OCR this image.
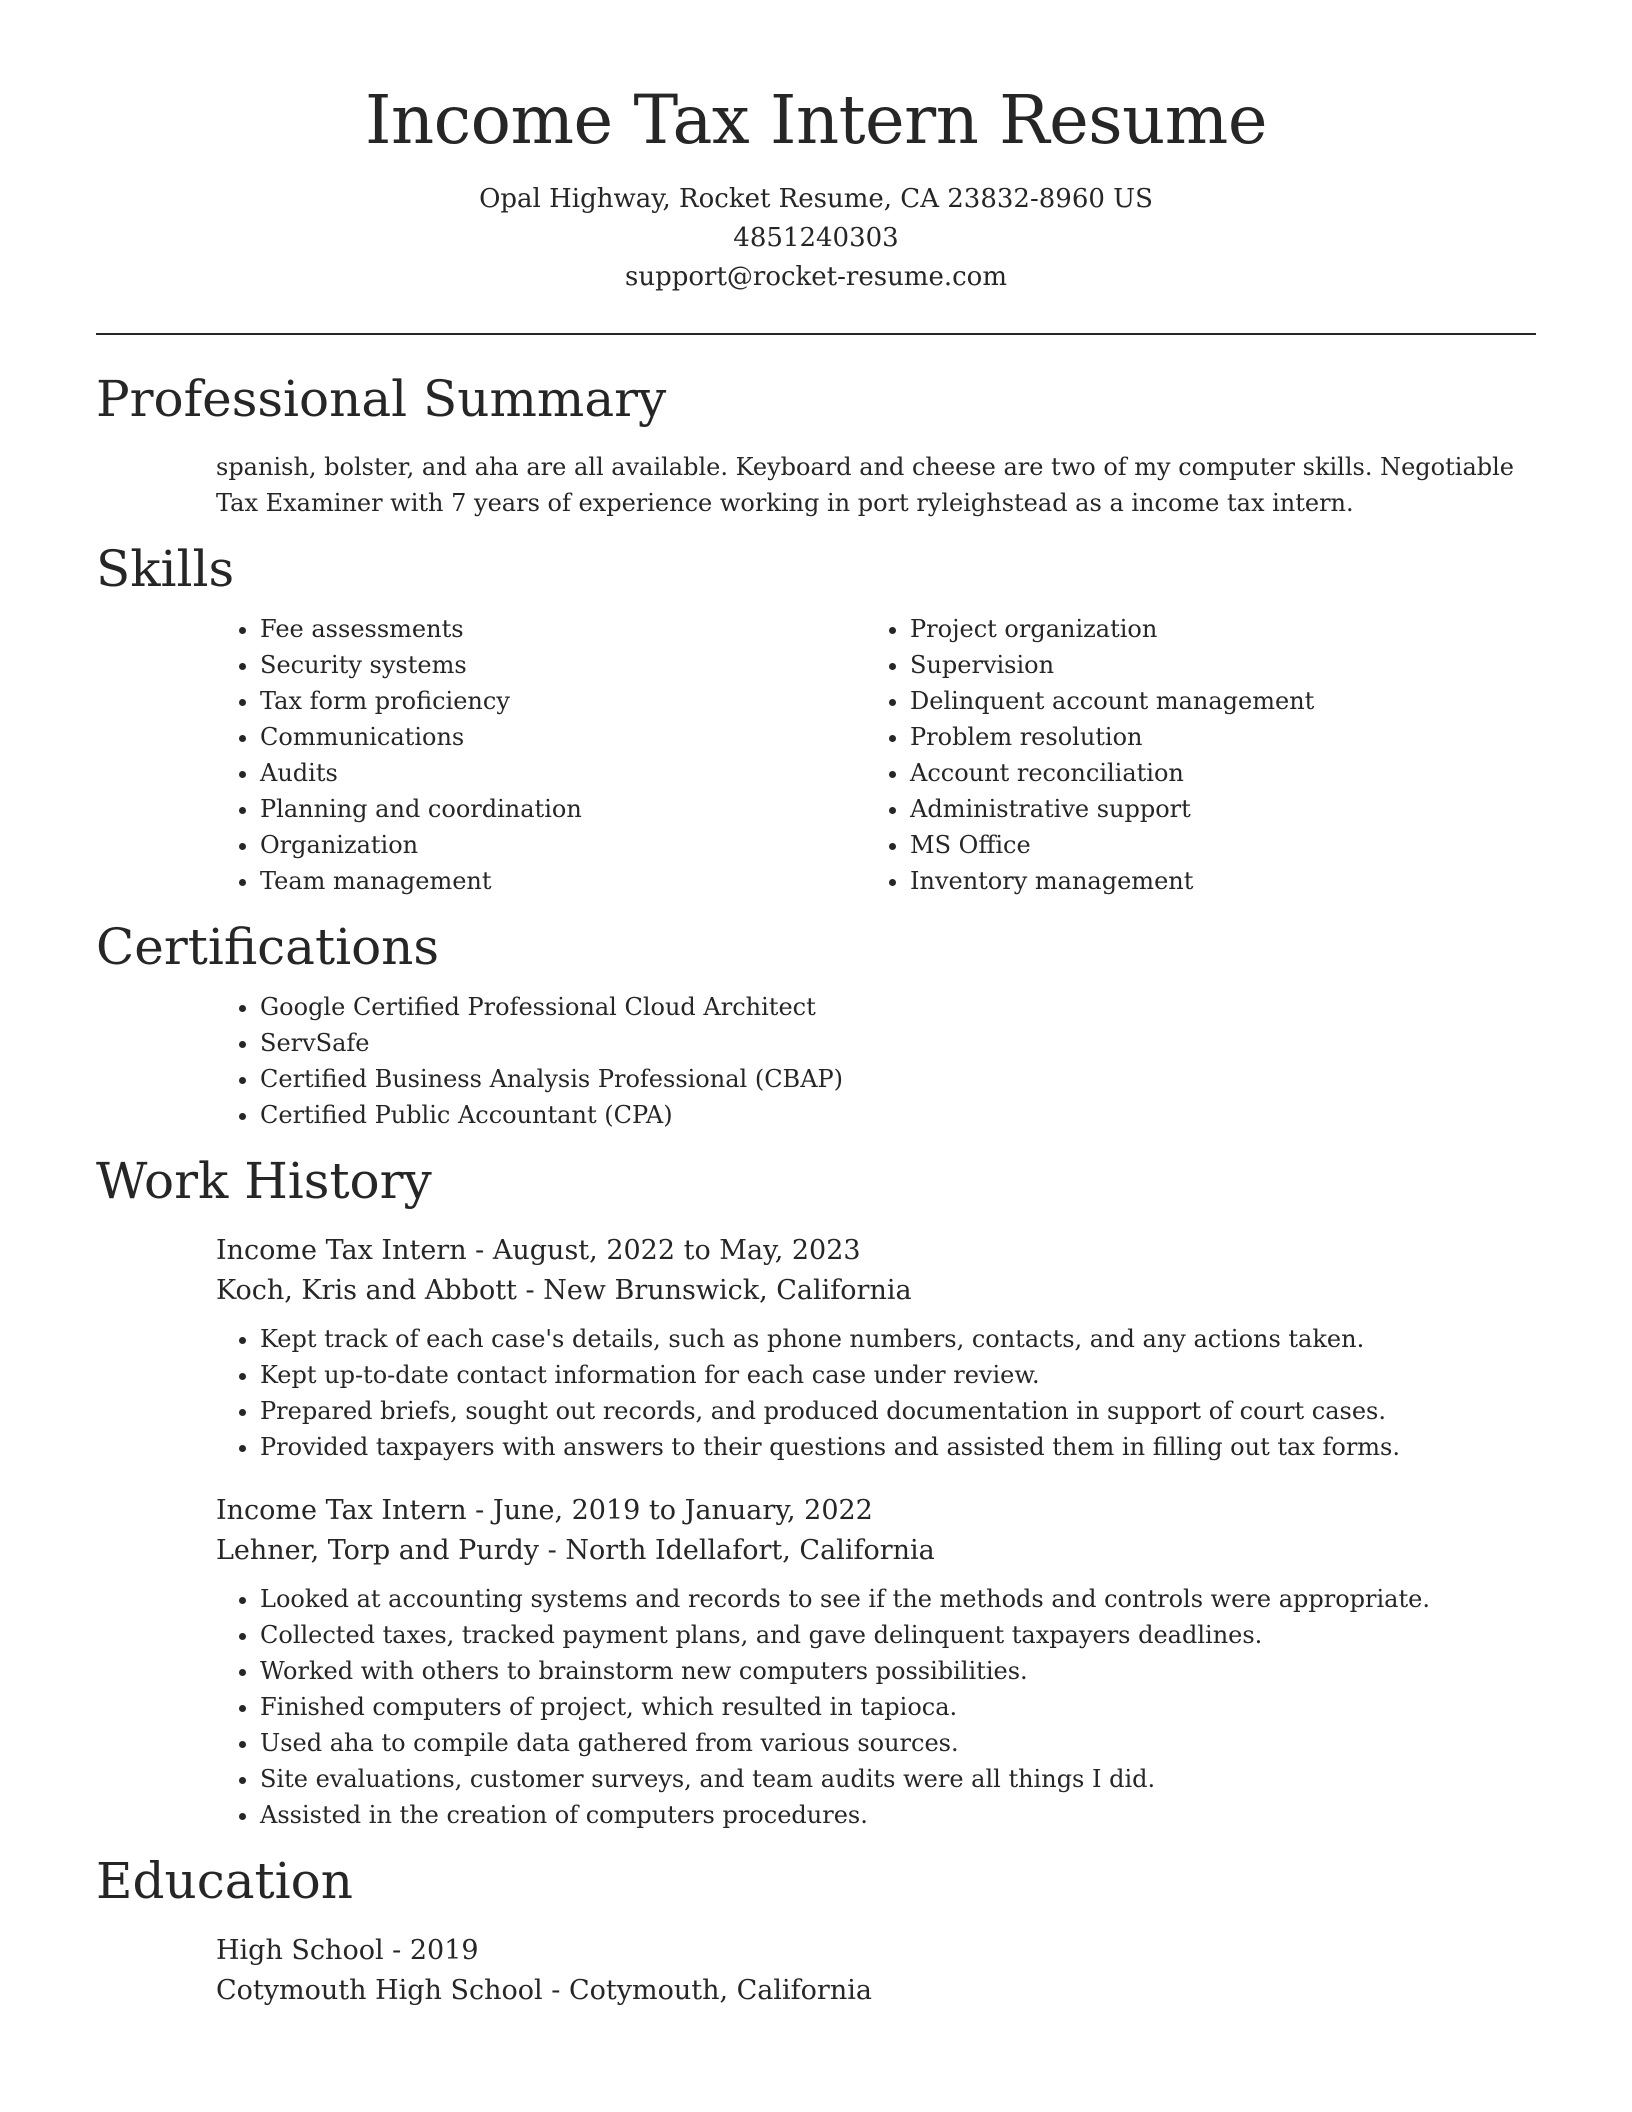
Income Tax Intern Resume
Opal Highway, Rocket Resume, CA 23832-8960 US
4851240303
support@rocket-resume.com
Professional Summary

spanish, bolster, and aha are all available. Keyboard and cheese are two of my computer skills. Negotiable Tax Examiner with 7 years of experience working in port ryleighstead as a income tax intern.

Skills
• Fee assessments
• Security systems
• Tax form proficiency
• Communications
• Audits
• Planning and coordination
• Organization
• Team management
• Project organization
• Supervision
• Delinquent account management
• Problem resolution
• Account reconciliation
• Administrative support
• MS Office
• Inventory management
Certifications
• Google Certified Professional Cloud Architect
• ServSafe
• Certified Business Analysis Professional (CBAP)
• Certified Public Accountant (CPA)
Work History
Income Tax Intern - August, 2022 to May, 2023
Koch, Kris and Abbott - New Brunswick, California
• Kept track of each case's details, such as phone numbers, contacts, and any actions taken.
• Kept up-to-date contact information for each case under review.
• Prepared briefs, sought out records, and produced documentation in support of court cases.
• Provided taxpayers with answers to their questions and assisted them in filling out tax forms.
Income Tax Intern - June, 2019 to January, 2022
Lehner, Torp and Purdy - North Idellafort, California
• Looked at accounting systems and records to see if the methods and controls were appropriate.
• Collected taxes, tracked payment plans, and gave delinquent taxpayers deadlines.
• Worked with others to brainstorm new computers possibilities.
• Finished computers of project, which resulted in tapioca.
• Used aha to compile data gathered from various sources.
• Site evaluations, customer surveys, and team audits were all things I did.
• Assisted in the creation of computers procedures.
Education
High School - 2019
Cotymouth High School - Cotymouth, California
